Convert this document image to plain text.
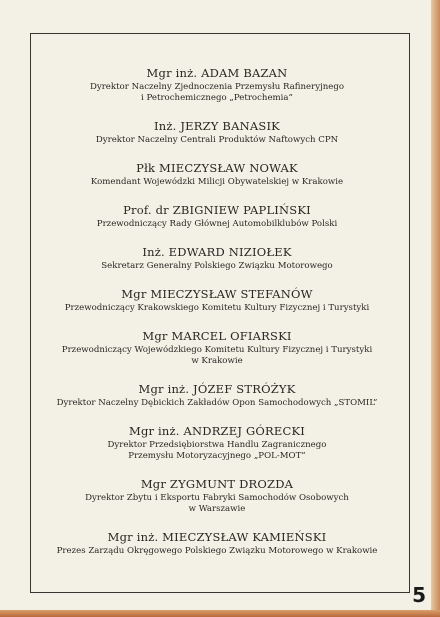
Mgr inż. ADAM BAZAN

Dyrektor Naczelny Zjednoczenia Przemysłu Rafineryjnego
i Petrochemicznego „Petrochemia”

Inż. JERZY BANASIK

Dyrektor Naczelny Centrali Produktów Naftowych CPN

Płk MIECZYSŁAW NOWAK

Komendant Wojewódzki Milicji Obywatelskiej w Krakowie

Prof. dr ZBIGNIEW PAPLIŃSKI

Przewodniczący Rady Głównej Automobilklubów Polski

Inż. EDWARD NIZIOŁEK

Sekretarz Generalny Polskiego Związku Motorowego

Mgr MIECZYSŁAW STEFANÓW

Przewodniczący Krakowskiego Komitetu Kultury Fizycznej i Turystyki

Mgr MARCEL OFIARSKI

Przewodniczący Wojewódzkiego Komitetu Kultury Fizycznej i Turystyki
w Krakowie

Mgr inż. JÓZEF STRÓŻYK

Dyrektor Naczelny Dębickich Zakładów Opon Samochodowych „STOMIL”

Mgr inż. ANDRZEJ GÓRECKI

Dyrektor Przedsiębiorstwa Handlu Zagranicznego
Przemysłu Motoryzacyjnego „POL-MOT”

Mgr ZYGMUNT DROZDA

Dyrektor Zbytu i Eksportu Fabryki Samochodów Osobowych
w Warszawie

Mgr inż. MIECZYSŁAW KAMIEŃSKI

Prezes Zarządu Okręgowego Polskiego Związku Motorowego w Krakowie

5
